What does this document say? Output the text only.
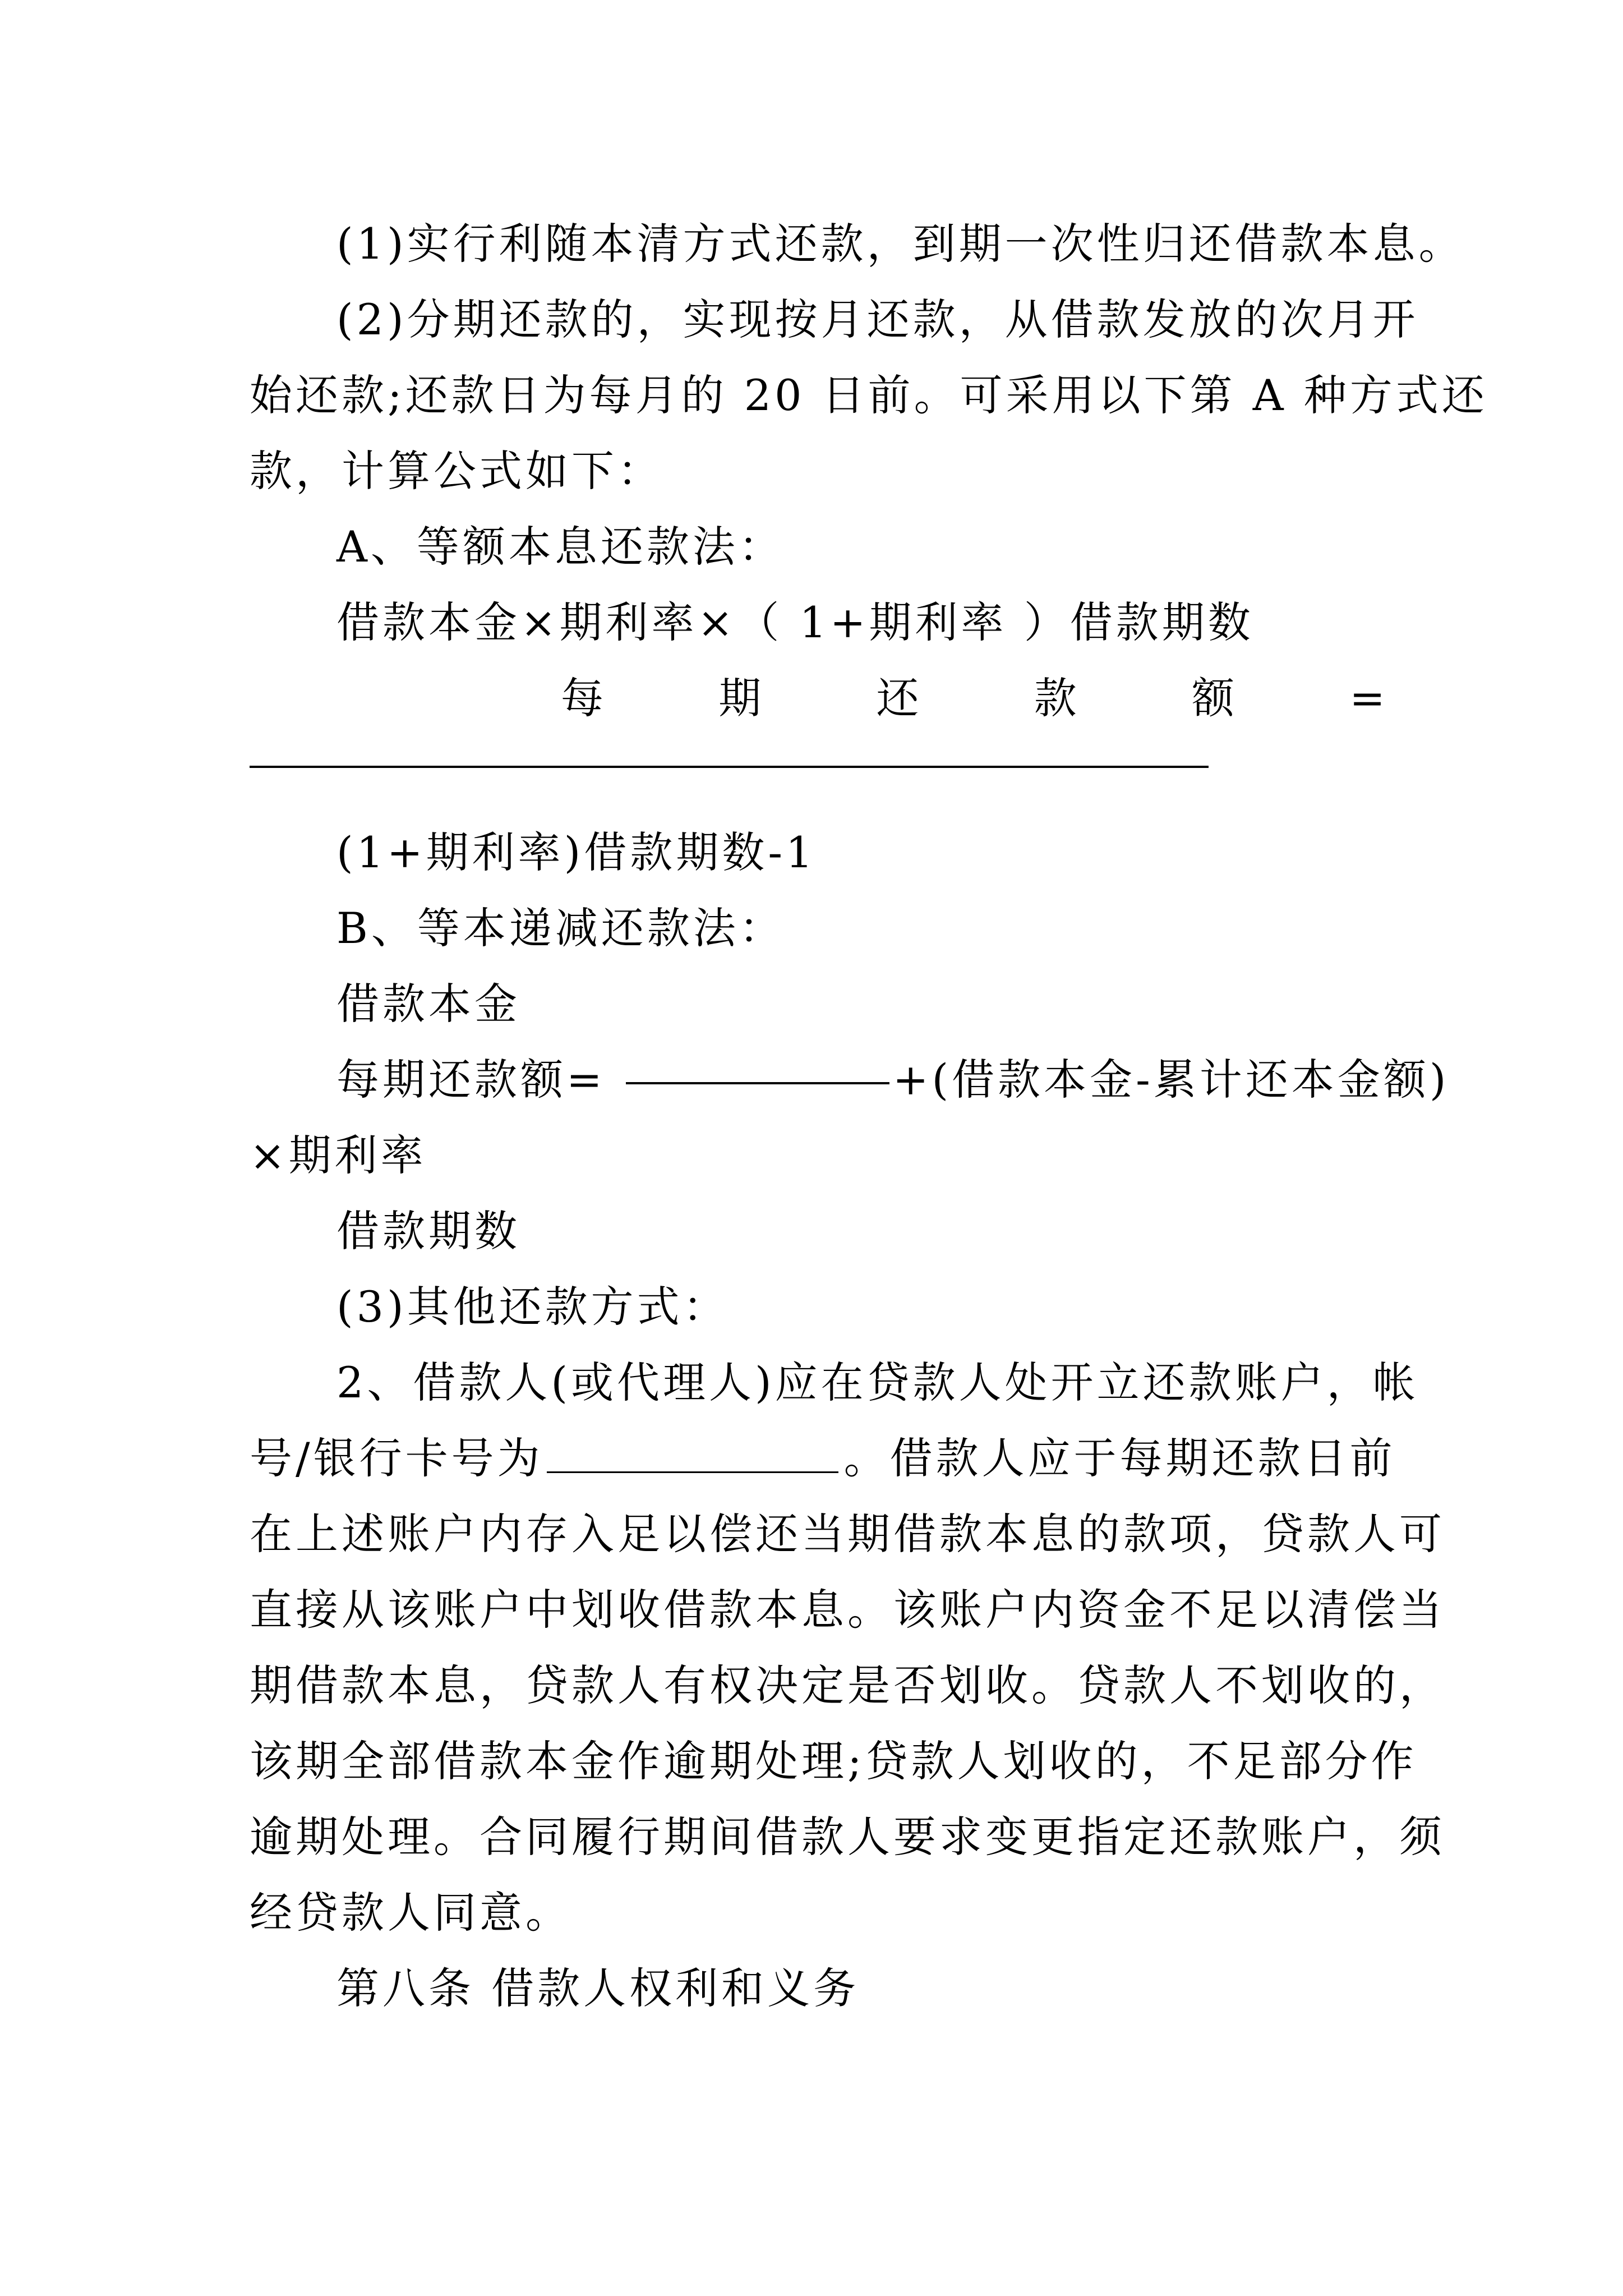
(1)实行利随本清方式还款，到期一次性归还借款本息。
(2)分期还款的，实现按月还款，从借款发放的次月开
始还款;还款日为每月的 20 日前。可采用以下第 A 种方式还
款，计算公式如下：
A、等额本息还款法：
借款本金×期利率×（ 1+期利率 ）借款期数
每	期	还	款	额	=
(1+期利率)借款期数-1
B、等本递减还款法：
借款本金
每期还款额=	+(借款本金-累计还本金额)
×期利率
借款期数
(3)其他还款方式：
2、借款人(或代理人)应在贷款人处开立还款账户，帐
号/银行卡号为	。借款人应于每期还款日前
在上述账户内存入足以偿还当期借款本息的款项，贷款人可
直接从该账户中划收借款本息。该账户内资金不足以清偿当
期借款本息，贷款人有权决定是否划收。贷款人不划收的，
该期全部借款本金作逾期处理;贷款人划收的，不足部分作
逾期处理。合同履行期间借款人要求变更指定还款账户，须
经贷款人同意。
第八条 借款人权利和义务
